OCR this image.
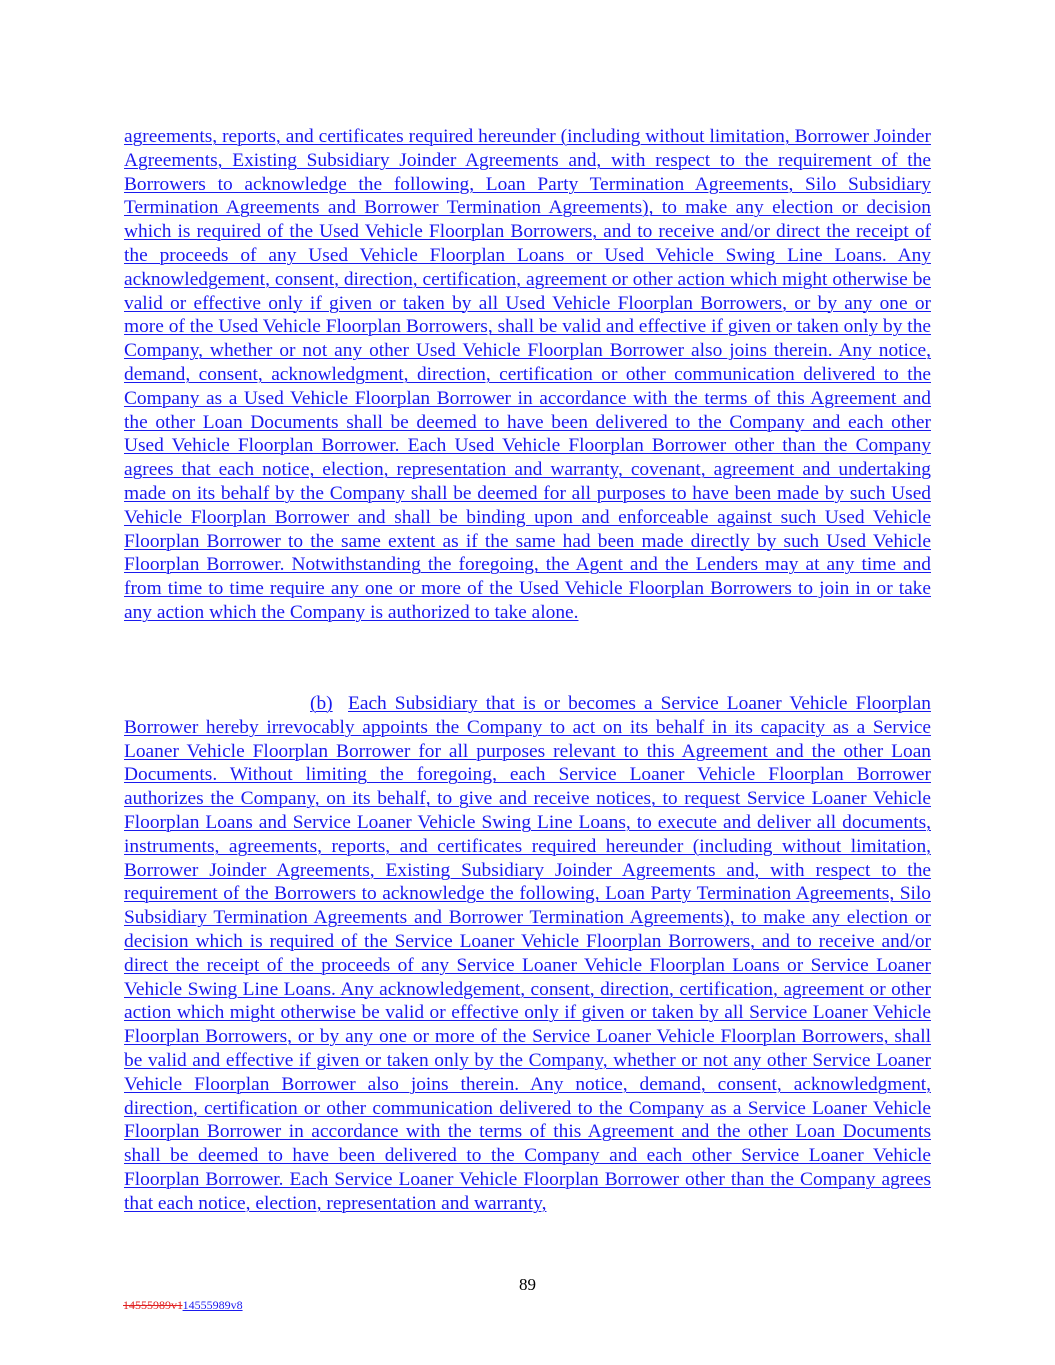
agreements, reports, and certificates required hereunder (including without limitation, Borrower Joinder Agreements, Existing Subsidiary Joinder Agreements and, with respect to the requirement of the Borrowers to acknowledge the following, Loan Party Termination Agreements, Silo Subsidiary Termination Agreements and Borrower Termination Agreements), to make any election or decision which is required of the Used Vehicle Floorplan Borrowers, and to receive and/or direct the receipt of the proceeds of any Used Vehicle Floorplan Loans or Used Vehicle Swing Line Loans. Any acknowledgement, consent, direction, certification, agreement or other action which might otherwise be valid or effective only if given or taken by all Used Vehicle Floorplan Borrowers, or by any one or more of the Used Vehicle Floorplan Borrowers, shall be valid and effective if given or taken only by the Company, whether or not any other Used Vehicle Floorplan Borrower also joins therein. Any notice, demand, consent, acknowledgment, direction, certification or other communication delivered to the Company as a Used Vehicle Floorplan Borrower in accordance with the terms of this Agreement and the other Loan Documents shall be deemed to have been delivered to the Company and each other Used Vehicle Floorplan Borrower. Each Used Vehicle Floorplan Borrower other than the Company agrees that each notice, election, representation and warranty, covenant, agreement and undertaking made on its behalf by the Company shall be deemed for all purposes to have been made by such Used Vehicle Floorplan Borrower and shall be binding upon and enforceable against such Used Vehicle Floorplan Borrower to the same extent as if the same had been made directly by such Used Vehicle Floorplan Borrower. Notwithstanding the foregoing, the Agent and the Lenders may at any time and from time to time require any one or more of the Used Vehicle Floorplan Borrowers to join in or take any action which the Company is authorized to take alone.

(b) Each Subsidiary that is or becomes a Service Loaner Vehicle Floorplan Borrower hereby irrevocably appoints the Company to act on its behalf in its capacity as a Service Loaner Vehicle Floorplan Borrower for all purposes relevant to this Agreement and the other Loan Documents. Without limiting the foregoing, each Service Loaner Vehicle Floorplan Borrower authorizes the Company, on its behalf, to give and receive notices, to request Service Loaner Vehicle Floorplan Loans and Service Loaner Vehicle Swing Line Loans, to execute and deliver all documents, instruments, agreements, reports, and certificates required hereunder (including without limitation, Borrower Joinder Agreements, Existing Subsidiary Joinder Agreements and, with respect to the requirement of the Borrowers to acknowledge the following, Loan Party Termination Agreements, Silo Subsidiary Termination Agreements and Borrower Termination Agreements), to make any election or decision which is required of the Service Loaner Vehicle Floorplan Borrowers, and to receive and/or direct the receipt of the proceeds of any Service Loaner Vehicle Floorplan Loans or Service Loaner Vehicle Swing Line Loans. Any acknowledgement, consent, direction, certification, agreement or other action which might otherwise be valid or effective only if given or taken by all Service Loaner Vehicle Floorplan Borrowers, or by any one or more of the Service Loaner Vehicle Floorplan Borrowers, shall be valid and effective if given or taken only by the Company, whether or not any other Service Loaner Vehicle Floorplan Borrower also joins therein. Any notice, demand, consent, acknowledgment, direction, certification or other communication delivered to the Company as a Service Loaner Vehicle Floorplan Borrower in accordance with the terms of this Agreement and the other Loan Documents shall be deemed to have been delivered to the Company and each other Service Loaner Vehicle Floorplan Borrower. Each Service Loaner Vehicle Floorplan Borrower other than the Company agrees that each notice, election, representation and warranty,

89
14555989v114555989v8
